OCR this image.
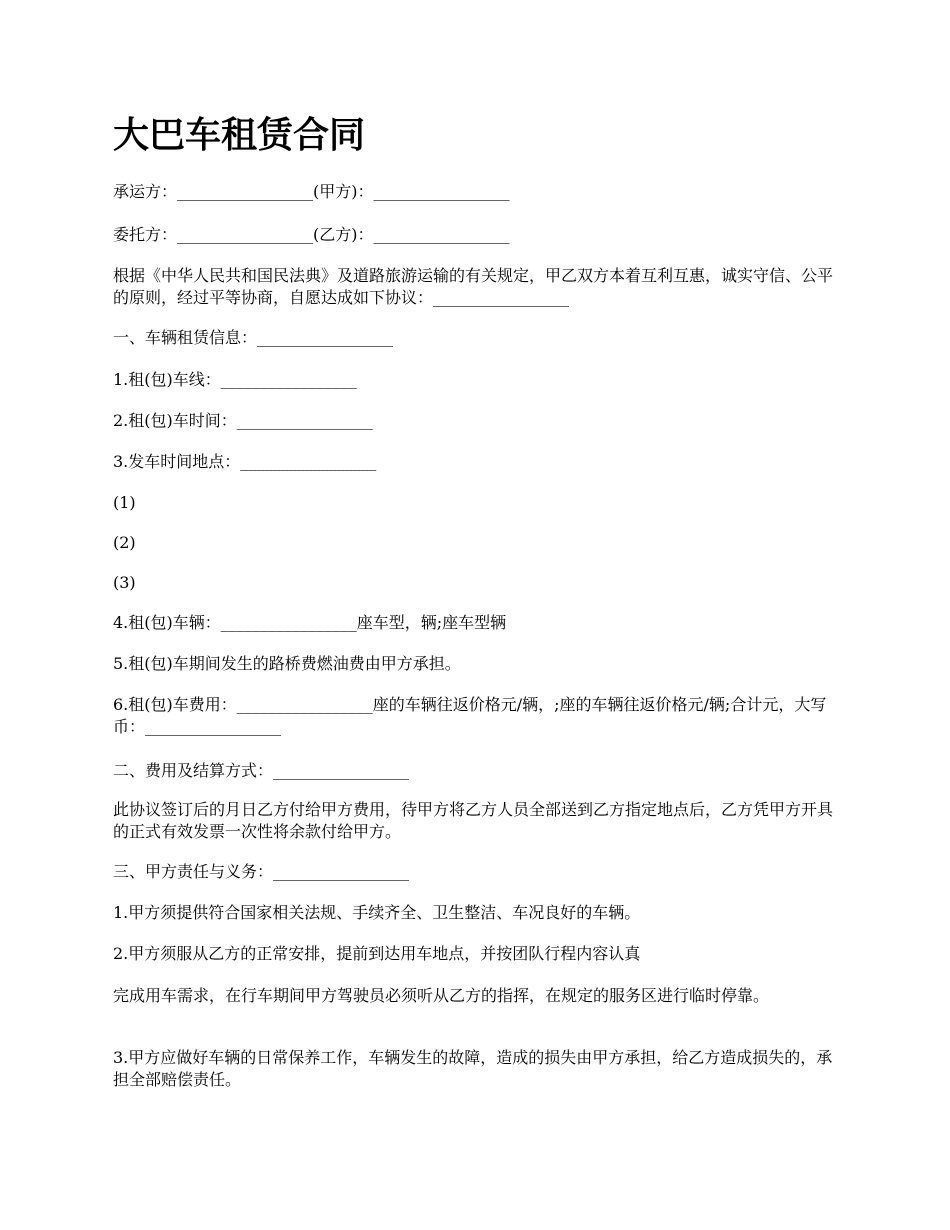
大巴车租赁合同

承运方：_________________(甲方)：_________________

委托方：_________________(乙方)：_________________

根据《中华人民共和国民法典》及道路旅游运输的有关规定，甲乙双方本着互利互惠，诚实守信、公平的原则，经过平等协商，自愿达成如下协议：_________________

一、车辆租赁信息：_________________

1.租(包)车线：_________________

2.租(包)车时间：_________________

3.发车时间地点：_________________

(1)

(2)

(3)

4.租(包)车辆：_________________座车型，辆;座车型辆

5.租(包)车期间发生的路桥费燃油费由甲方承担。

6.租(包)车费用：_________________座的车辆往返价格元/辆，;座的车辆往返价格元/辆;合计元，大写币：_________________

二、费用及结算方式：_________________

此协议签订后的月日乙方付给甲方费用，待甲方将乙方人员全部送到乙方指定地点后，乙方凭甲方开具的正式有效发票一次性将余款付给甲方。

三、甲方责任与义务：_________________

1.甲方须提供符合国家相关法规、手续齐全、卫生整洁、车况良好的车辆。

2.甲方须服从乙方的正常安排，提前到达用车地点，并按团队行程内容认真

完成用车需求，在行车期间甲方驾驶员必须听从乙方的指挥，在规定的服务区进行临时停靠。

3.甲方应做好车辆的日常保养工作，车辆发生的故障，造成的损失由甲方承担，给乙方造成损失的，承担全部赔偿责任。
